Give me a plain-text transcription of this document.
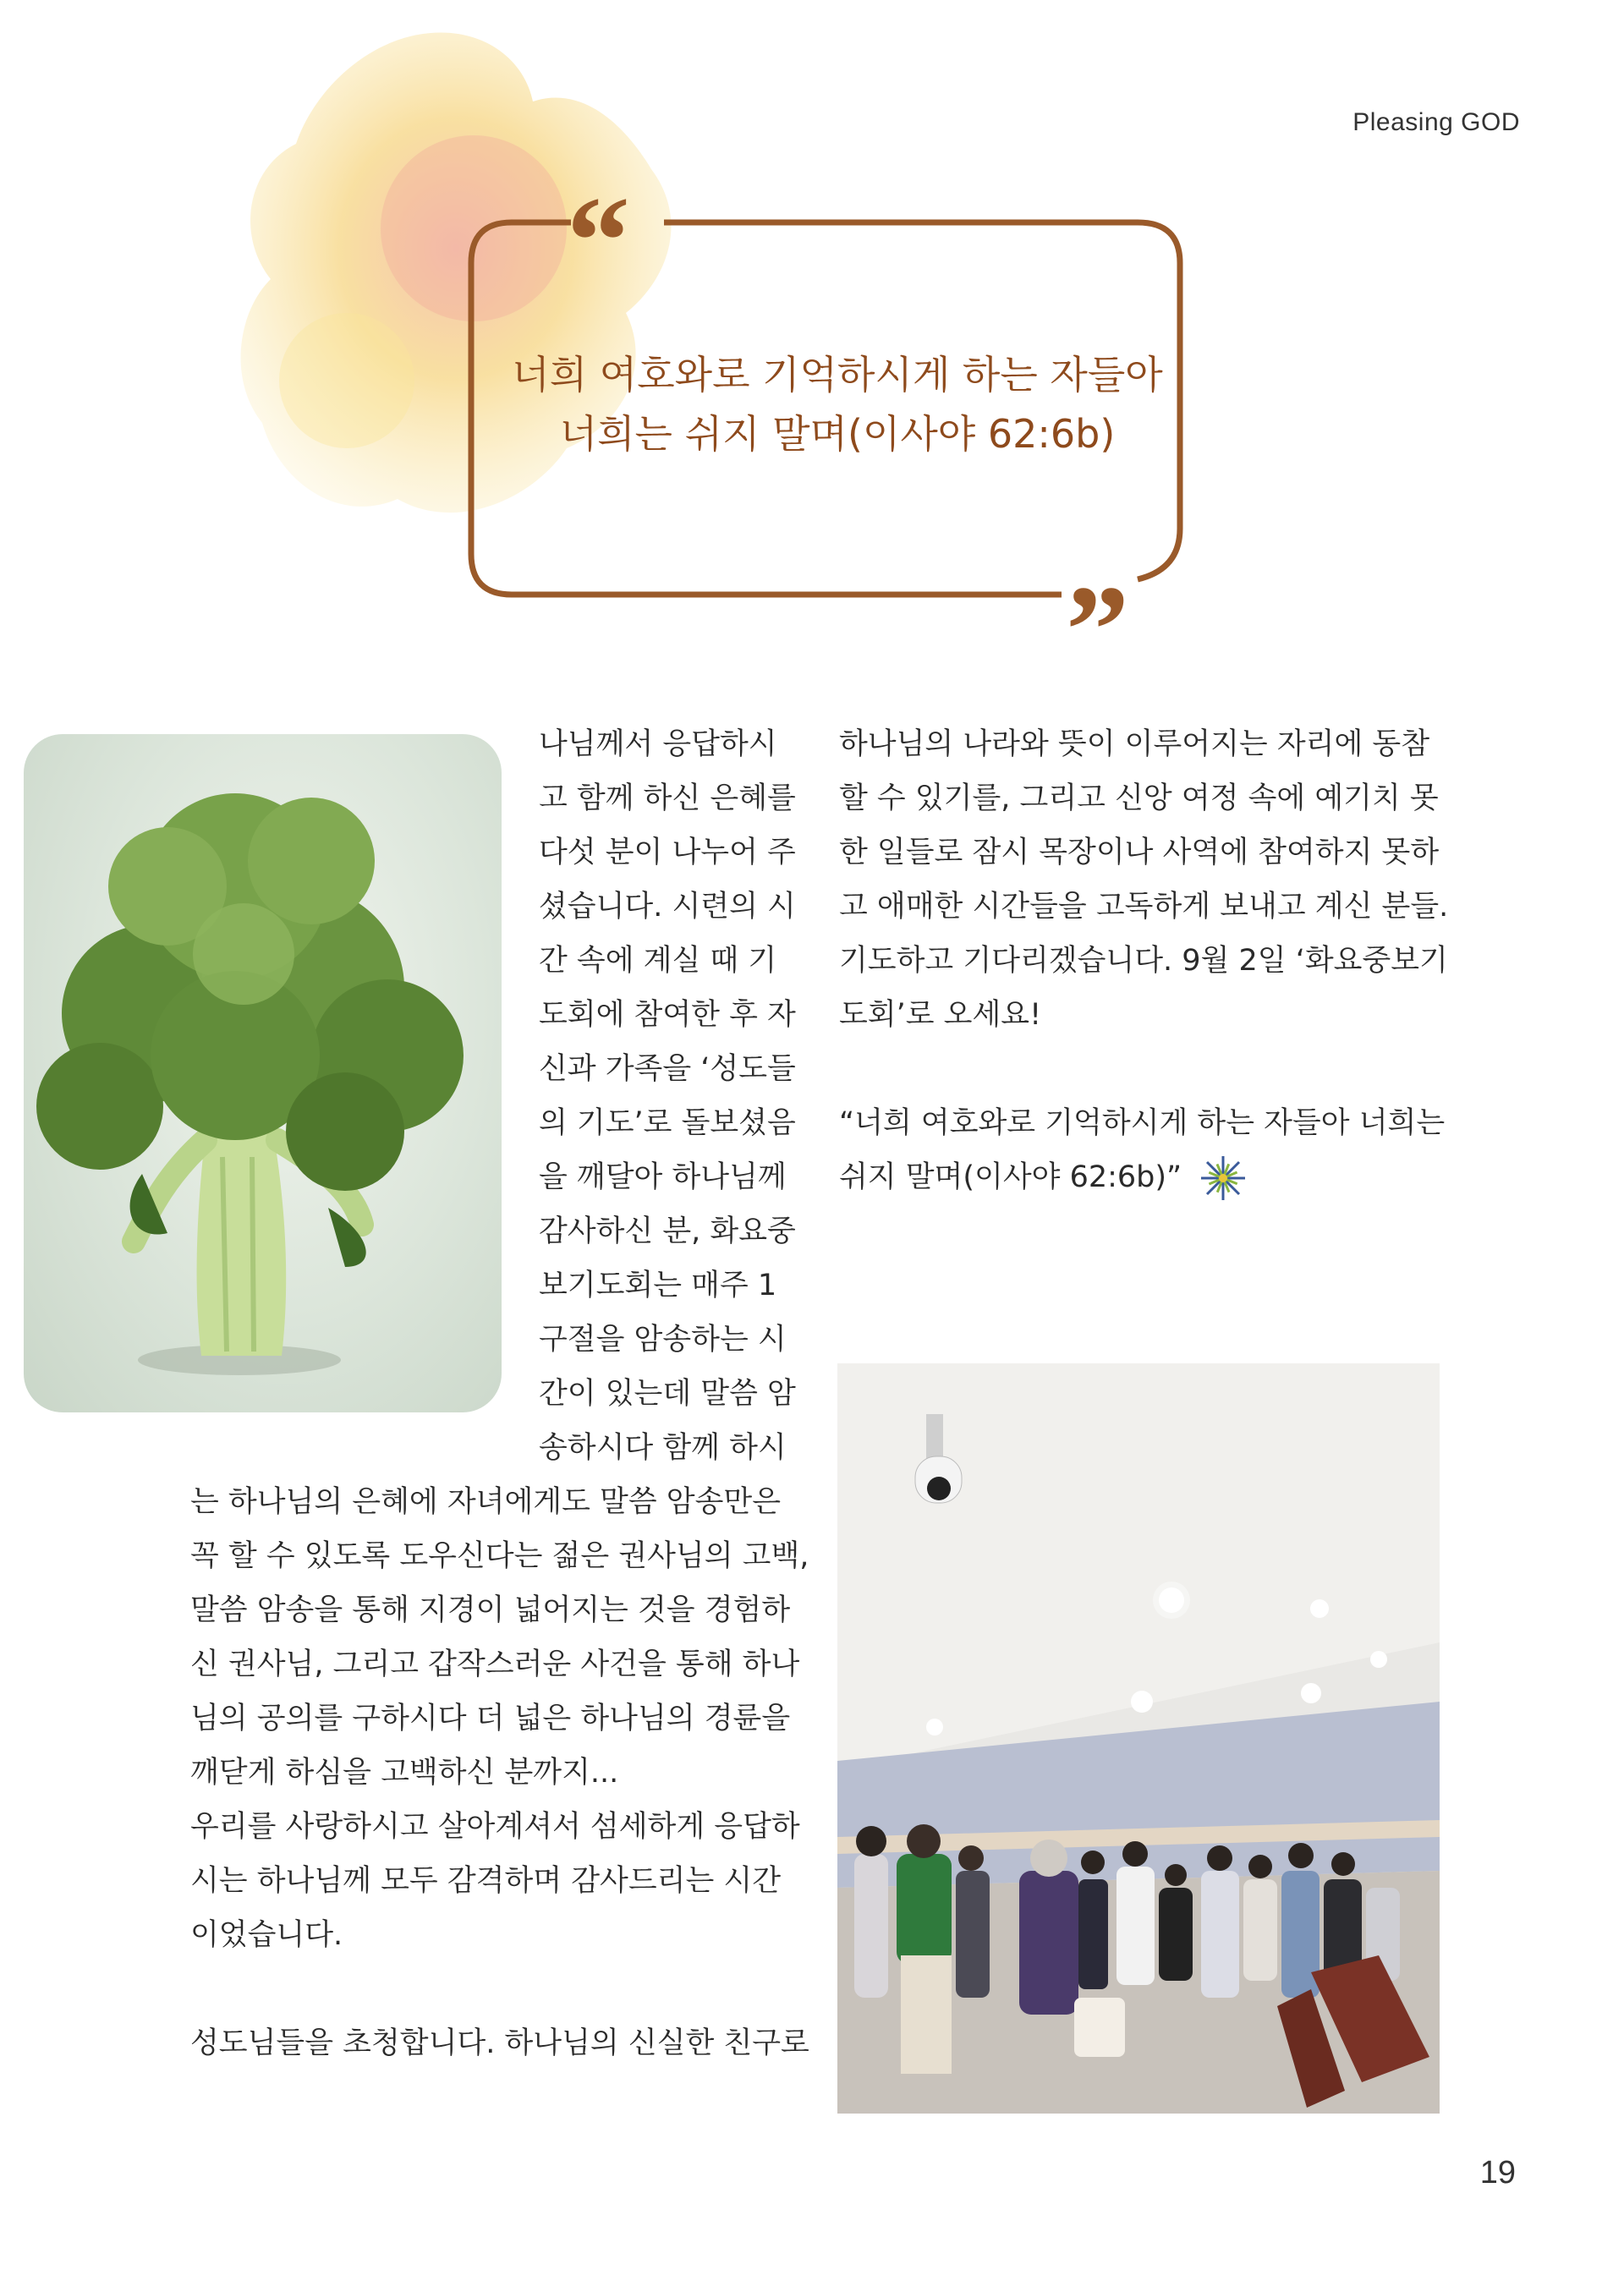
Pleasing GOD
“
”
너희 여호와로 기억하시게 하는 자들아
너희는 쉬지 말며(이사야 62:6b)
나님께서 응답하시
고 함께 하신 은혜를
다섯 분이 나누어 주
셨습니다. 시련의 시
간 속에 계실 때 기
도회에 참여한 후 자
신과 가족을 ‘성도들
의 기도’로 돌보셨음
을 깨달아 하나님께
감사하신 분, 화요중
보기도회는 매주 1
구절을 암송하는 시
간이 있는데 말씀 암
송하시다 함께 하시
는 하나님의 은혜에 자녀에게도 말씀 암송만은
꼭 할 수 있도록 도우신다는 젊은 권사님의 고백,
말씀 암송을 통해 지경이 넓어지는 것을 경험하
신 권사님, 그리고 갑작스러운 사건을 통해 하나
님의 공의를 구하시다 더 넓은 하나님의 경륜을
깨닫게 하심을 고백하신 분까지...
우리를 사랑하시고 살아계셔서 섬세하게 응답하
시는 하나님께 모두 감격하며 감사드리는 시간
이었습니다.
성도님들을 초청합니다. 하나님의 신실한 친구로
하나님의 나라와 뜻이 이루어지는 자리에 동참
할 수 있기를, 그리고 신앙 여정 속에 예기치 못
한 일들로 잠시 목장이나 사역에 참여하지 못하
고 애매한 시간들을 고독하게 보내고 계신 분들.
기도하고 기다리겠습니다. 9월 2일 ‘화요중보기
도회’로 오세요!
“너희 여호와로 기억하시게 하는 자들아 너희는
쉬지 말며(이사야 62:6b)”
19
